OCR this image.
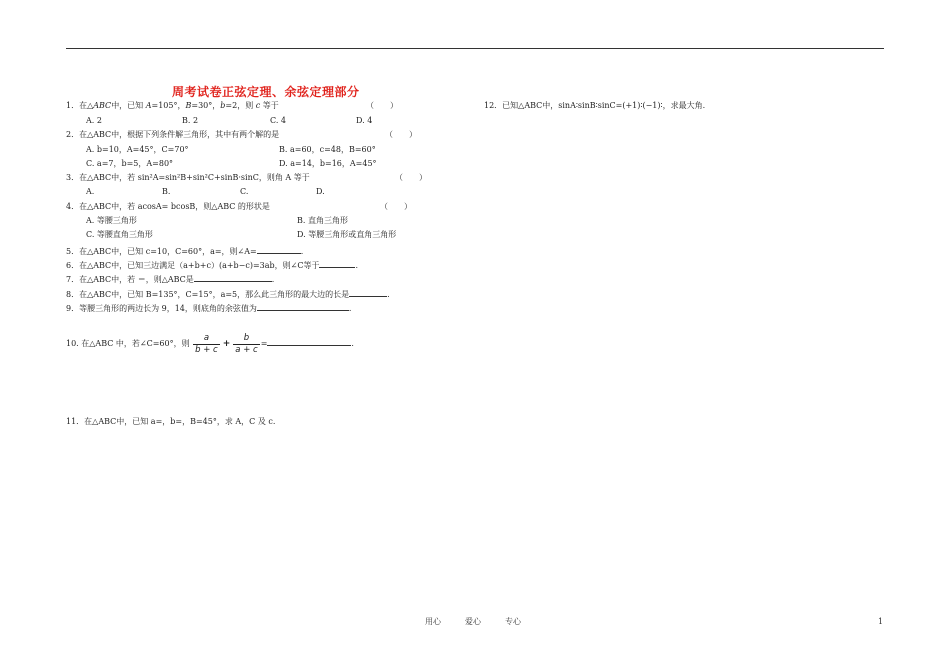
周考试卷正弦定理、余弦定理部分
1．在△ABC中，已知 A=105°，B=30°，b=2，则 c 等于	（　　）
A. 2	B. 2	C. 4	D. 4
2．在△ABC中，根据下列条件解三角形，其中有两个解的是	（　　）
A. b=10，A=45°，C=70°	B. a=60，c=48，B=60°
C. a=7，b=5，A=80°	D. a=14，b=16，A=45°
3．在△ABC中，若 sin²A=sin²B+sin²C+sinB·sinC，则角 A 等于	（　　）
A.	B.	C.	D.
4．在△ABC中，若 acosA= bcosB，则△ABC 的形状是	（　　）
A. 等腰三角形	B. 直角三角形
C. 等腰直角三角形	D. 等腰三角形或直角三角形
5．在△ABC中，已知 c=10，C=60°，a=，则∠A=	.
6．在△ABC中，已知三边满足（a+b+c）(a+b−c)=3ab，则∠C等于	.
7．在△ABC中，若 ＝，则△ABC是	.
8．在△ABC中，已知 B=135°，C=15°，a=5，那么此三角形的最大边的长是	.
9．等腰三角形的两边长为 9，14，则底角的余弦值为	.
10. 在△ABC 中，若∠C=60°，则 $\frac{a}{b + c} + \frac{b}{a + c}$ =	.
11．在△ABC中，已知 a=，b=，B=45°，求 A，C 及 c.
12．已知△ABC中，sinA∶sinB∶sinC=(+1)∶(−1)∶，求最大角.
用心	爱心	专心	1
